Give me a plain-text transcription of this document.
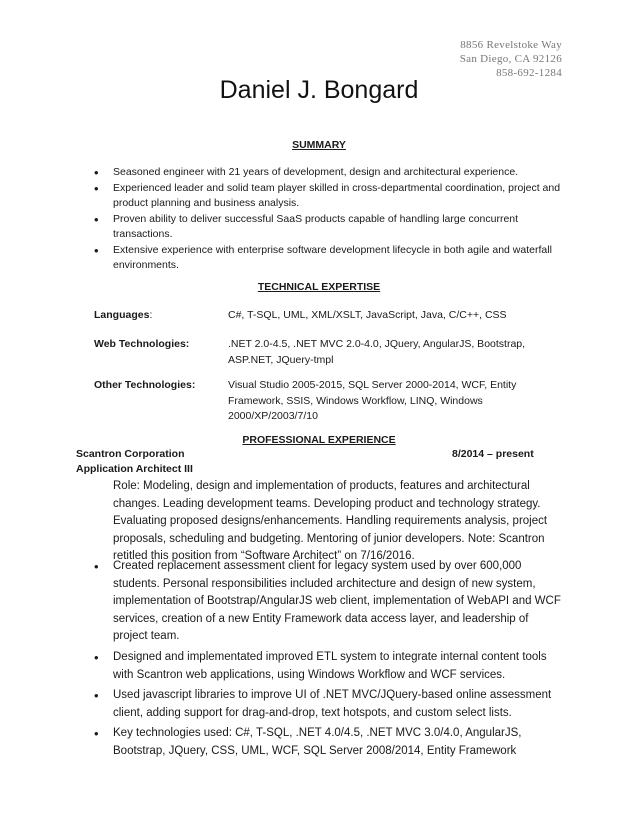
8856 Revelstoke Way
San Diego, CA 92126
858-692-1284
Daniel J. Bongard
SUMMARY
• Seasoned engineer with 21 years of development, design and architectural experience.
• Experienced leader and solid team player skilled in cross-departmental coordination, project and product planning and business analysis.
• Proven ability to deliver successful SaaS products capable of handling large concurrent transactions.
• Extensive experience with enterprise software development lifecycle in both agile and waterfall environments.
TECHNICAL EXPERTISE
Languages:	C#, T-SQL, UML, XML/XSLT, JavaScript, Java, C/C++, CSS
Web Technologies:	.NET 2.0-4.5, .NET MVC 2.0-4.0, JQuery, AngularJS, Bootstrap, ASP.NET, JQuery-tmpl
Other Technologies:	Visual Studio 2005-2015, SQL Server 2000-2014, WCF, Entity Framework, SSIS, Windows Workflow, LINQ, Windows 2000/XP/2003/7/10
PROFESSIONAL EXPERIENCE
Scantron Corporation	8/2014 – present
Application Architect III
Role: Modeling, design and implementation of products, features and architectural changes. Leading development teams. Developing product and technology strategy. Evaluating proposed designs/enhancements. Handling requirements analysis, project proposals, scheduling and budgeting. Mentoring of junior developers. Note: Scantron retitled this position from “Software Architect” on 7/16/2016.
• Created replacement assessment client for legacy system used by over 600,000 students. Personal responsibilities included architecture and design of new system, implementation of Bootstrap/AngularJS web client, implementation of WebAPI and WCF services, creation of a new Entity Framework data access layer, and leadership of project team.
• Designed and implementated improved ETL system to integrate internal content tools with Scantron web applications, using Windows Workflow and WCF services.
• Used javascript libraries to improve UI of .NET MVC/JQuery-based online assessment client, adding support for drag-and-drop, text hotspots, and custom select lists.
• Key technologies used: C#, T-SQL, .NET 4.0/4.5, .NET MVC 3.0/4.0, AngularJS, Bootstrap, JQuery, CSS, UML, WCF, SQL Server 2008/2014, Entity Framework
